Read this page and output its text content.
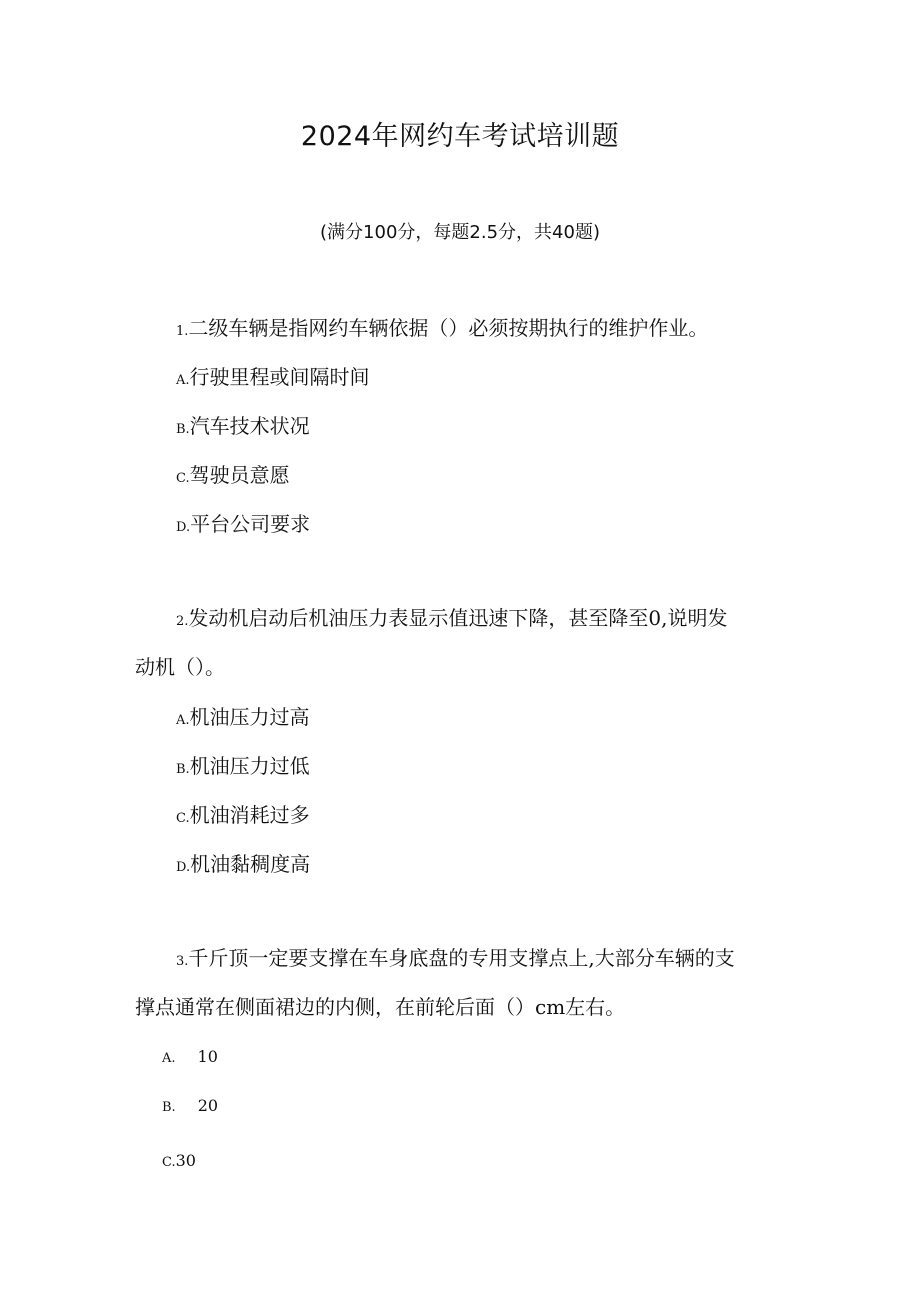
2024年网约车考试培训题
(满分100分，每题2.5分，共40题)
1.二级车辆是指网约车辆依据（）必须按期执行的维护作业。
A.行驶里程或间隔时间
B.汽车技术状况
C.驾驶员意愿
D.平台公司要求
2.发动机启动后机油压力表显示值迅速下降，甚至降至0,说明发
动机（）。
A.机油压力过高
B.机油压力过低
C.机油消耗过多
D.机油黏稠度高
3.千斤顶一定要支撑在车身底盘的专用支撑点上,大部分车辆的支
撑点通常在侧面裙边的内侧，在前轮后面（）cm左右。
A. 10
B. 20
C.30
